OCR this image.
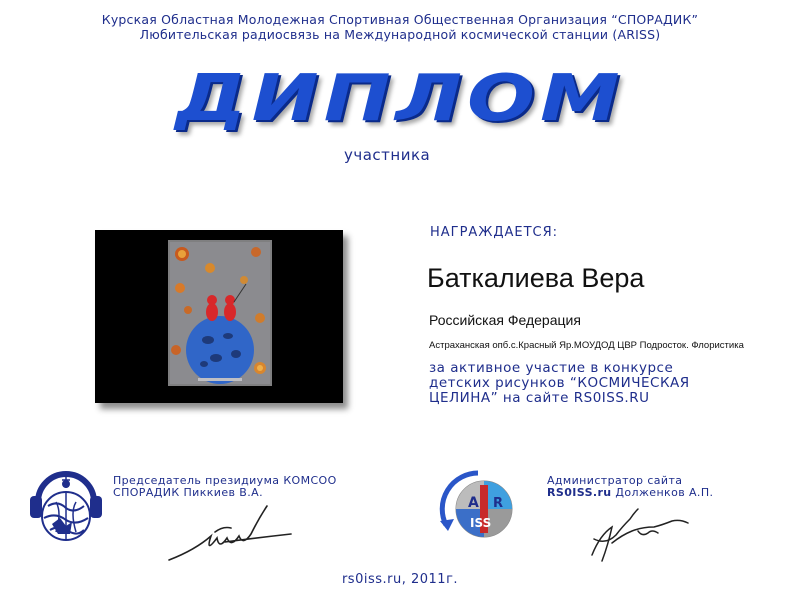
Курская Областная Молодежная Спортивная Общественная Организация “СПОРАДИК”
Любительская радиосвязь на Международной космической станции (ARISS)
ДИПЛОМ
участника
НАГРАЖДАЕТСЯ:
Баткалиева Вера
Российская Федерация
Астраханская опб.с.Красный Яр.МОУДОД ЦВР Подросток. Флористика
за активное участие в конкурсе
детских рисунков “КОСМИЧЕСКАЯ
ЦЕЛИНА” на сайте RS0ISS.RU
Председатель президиума КОМСОО
СПОРАДИК Пиккиев В.А.
A R
ISS
Администратор сайта
RS0ISS.ru Долженков А.П.
rs0iss.ru, 2011г.
